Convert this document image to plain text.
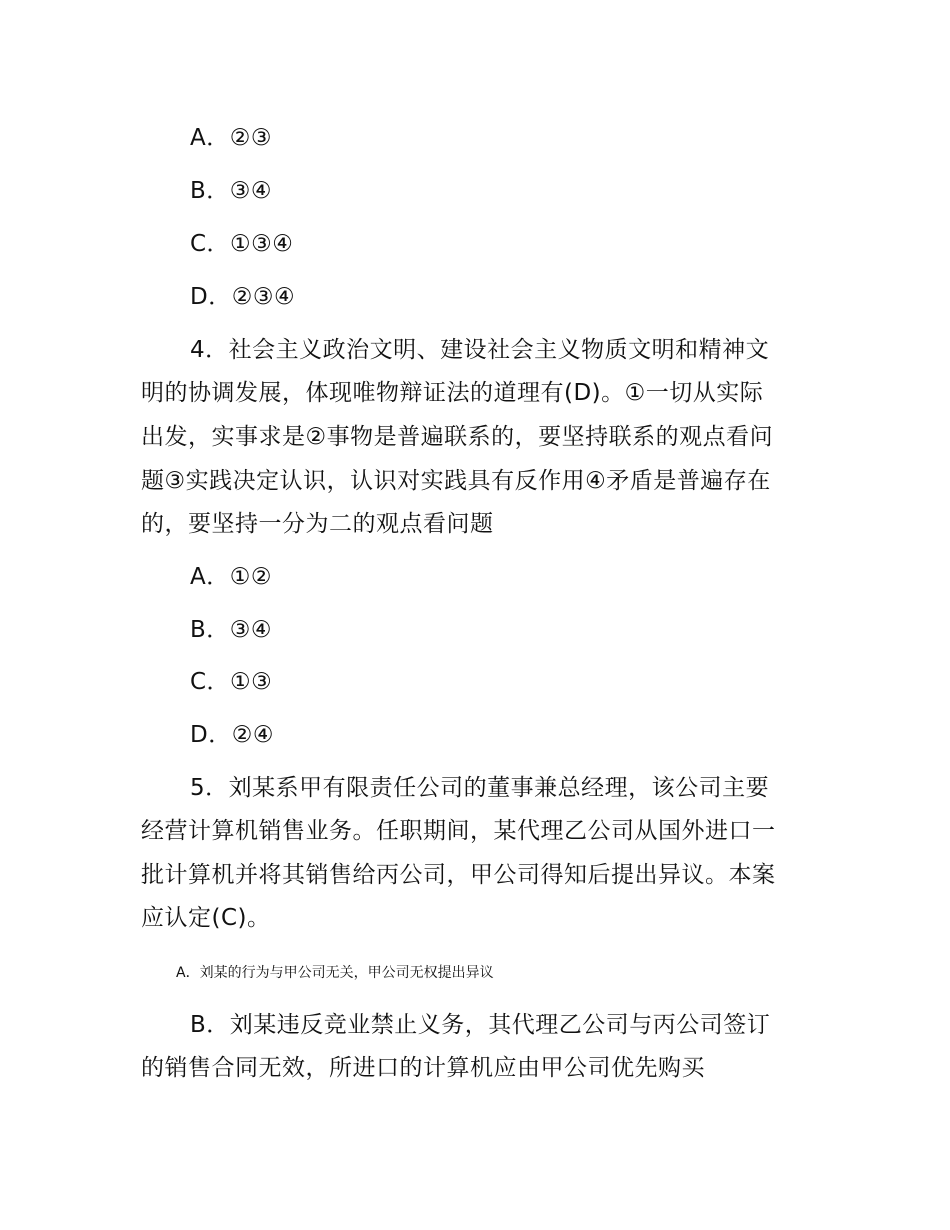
A．②③

B．③④

C．①③④

D．②③④

4．社会主义政治文明、建设社会主义物质文明和精神文

明的协调发展，体现唯物辩证法的道理有(D)。①一切从实际

出发，实事求是②事物是普遍联系的，要坚持联系的观点看问

题③实践决定认识，认识对实践具有反作用④矛盾是普遍存在

的，要坚持一分为二的观点看问题

A．①②

B．③④

C．①③

D．②④

5．刘某系甲有限责任公司的董事兼总经理，该公司主要

经营计算机销售业务。任职期间，某代理乙公司从国外进口一

批计算机并将其销售给丙公司，甲公司得知后提出异议。本案

应认定(C)。

A．刘某的行为与甲公司无关，甲公司无权提出异议

B．刘某违反竞业禁止义务，其代理乙公司与丙公司签订

的销售合同无效，所进口的计算机应由甲公司优先购买
